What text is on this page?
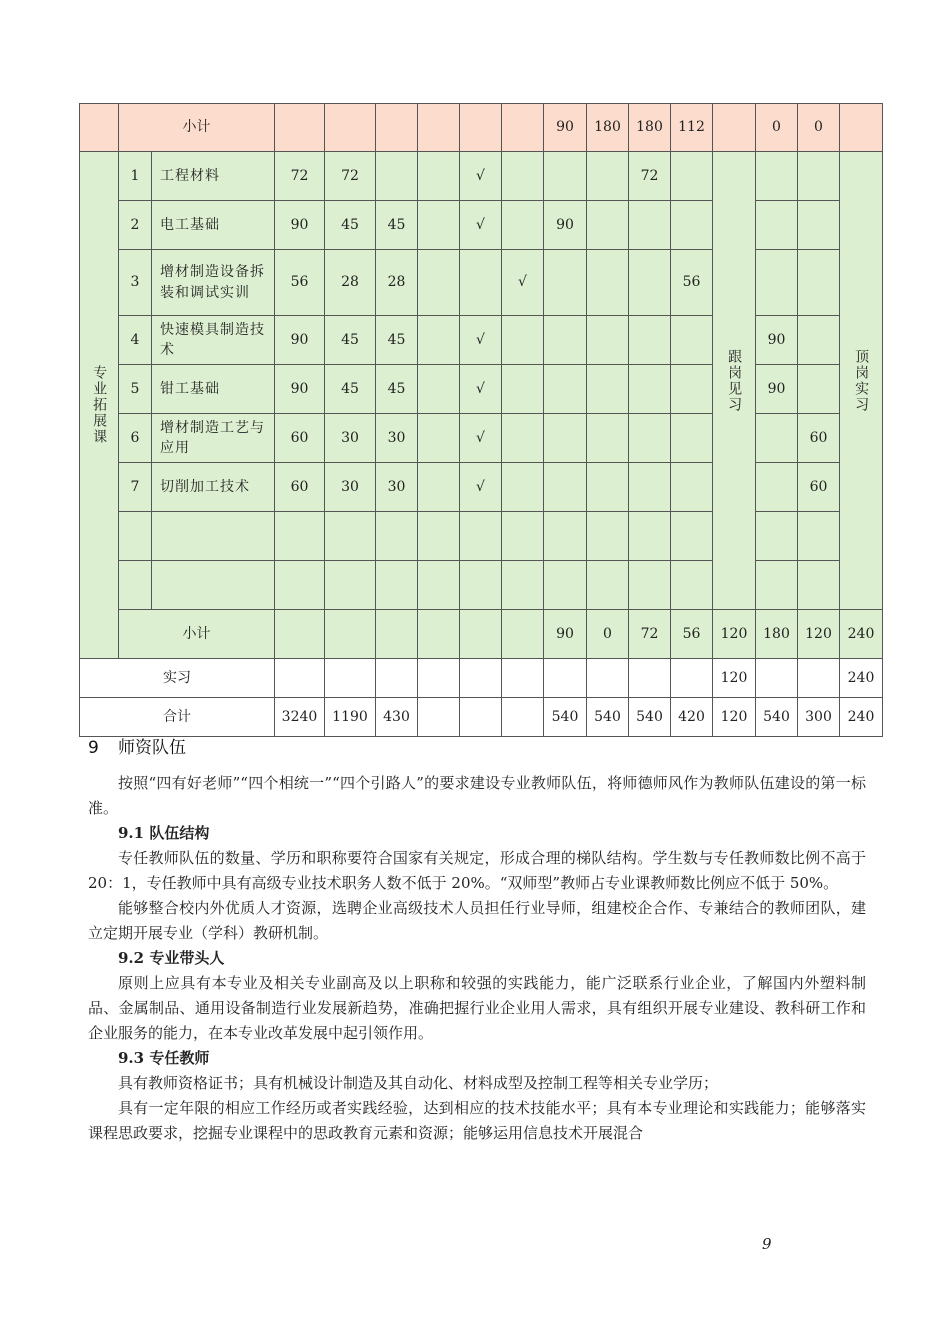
	小计								90	180	180	112		0	0	
专业拓展课	1	工程材料	72	72			√				72		跟岗见习			顶岗实习
	2	电工基础	90	45	45		√		90							
	3	增材制造设备拆装和调试实训	56	28	28			√				56				
	4	快速模具制造技术	90	45	45		√							90		
	5	钳工基础	90	45	45		√							90		
	6	增材制造工艺与应用	60	30	30		√								60	
	7	切削加工技术	60	30	30		√								60	

	小计								90	0	72	56	120	180	120	240
实习													120			240
合计			3240	1190	430				540	540	540	420	120	540	300	240
9 师资队伍

按照“四有好老师”“四个相统一”“四个引路人”的要求建设专业教师队伍，将师德师风作为教师队伍建设的第一标准。

9.1 队伍结构

专任教师队伍的数量、学历和职称要符合国家有关规定，形成合理的梯队结构。学生数与专任教师数比例不高于 20：1，专任教师中具有高级专业技术职务人数不低于 20%。“双师型”教师占专业课教师数比例应不低于 50%。

能够整合校内外优质人才资源，选聘企业高级技术人员担任行业导师，组建校企合作、专兼结合的教师团队，建立定期开展专业（学科）教研机制。

9.2 专业带头人

原则上应具有本专业及相关专业副高及以上职称和较强的实践能力，能广泛联系行业企业，了解国内外塑料制品、金属制品、通用设备制造行业发展新趋势，准确把握行业企业用人需求，具有组织开展专业建设、教科研工作和企业服务的能力，在本专业改革发展中起引领作用。

9.3 专任教师

具有教师资格证书；具有机械设计制造及其自动化、材料成型及控制工程等相关专业学历；

具有一定年限的相应工作经历或者实践经验，达到相应的技术技能水平；具有本专业理论和实践能力；能够落实课程思政要求，挖掘专业课程中的思政教育元素和资源；能够运用信息技术开展混合

9
